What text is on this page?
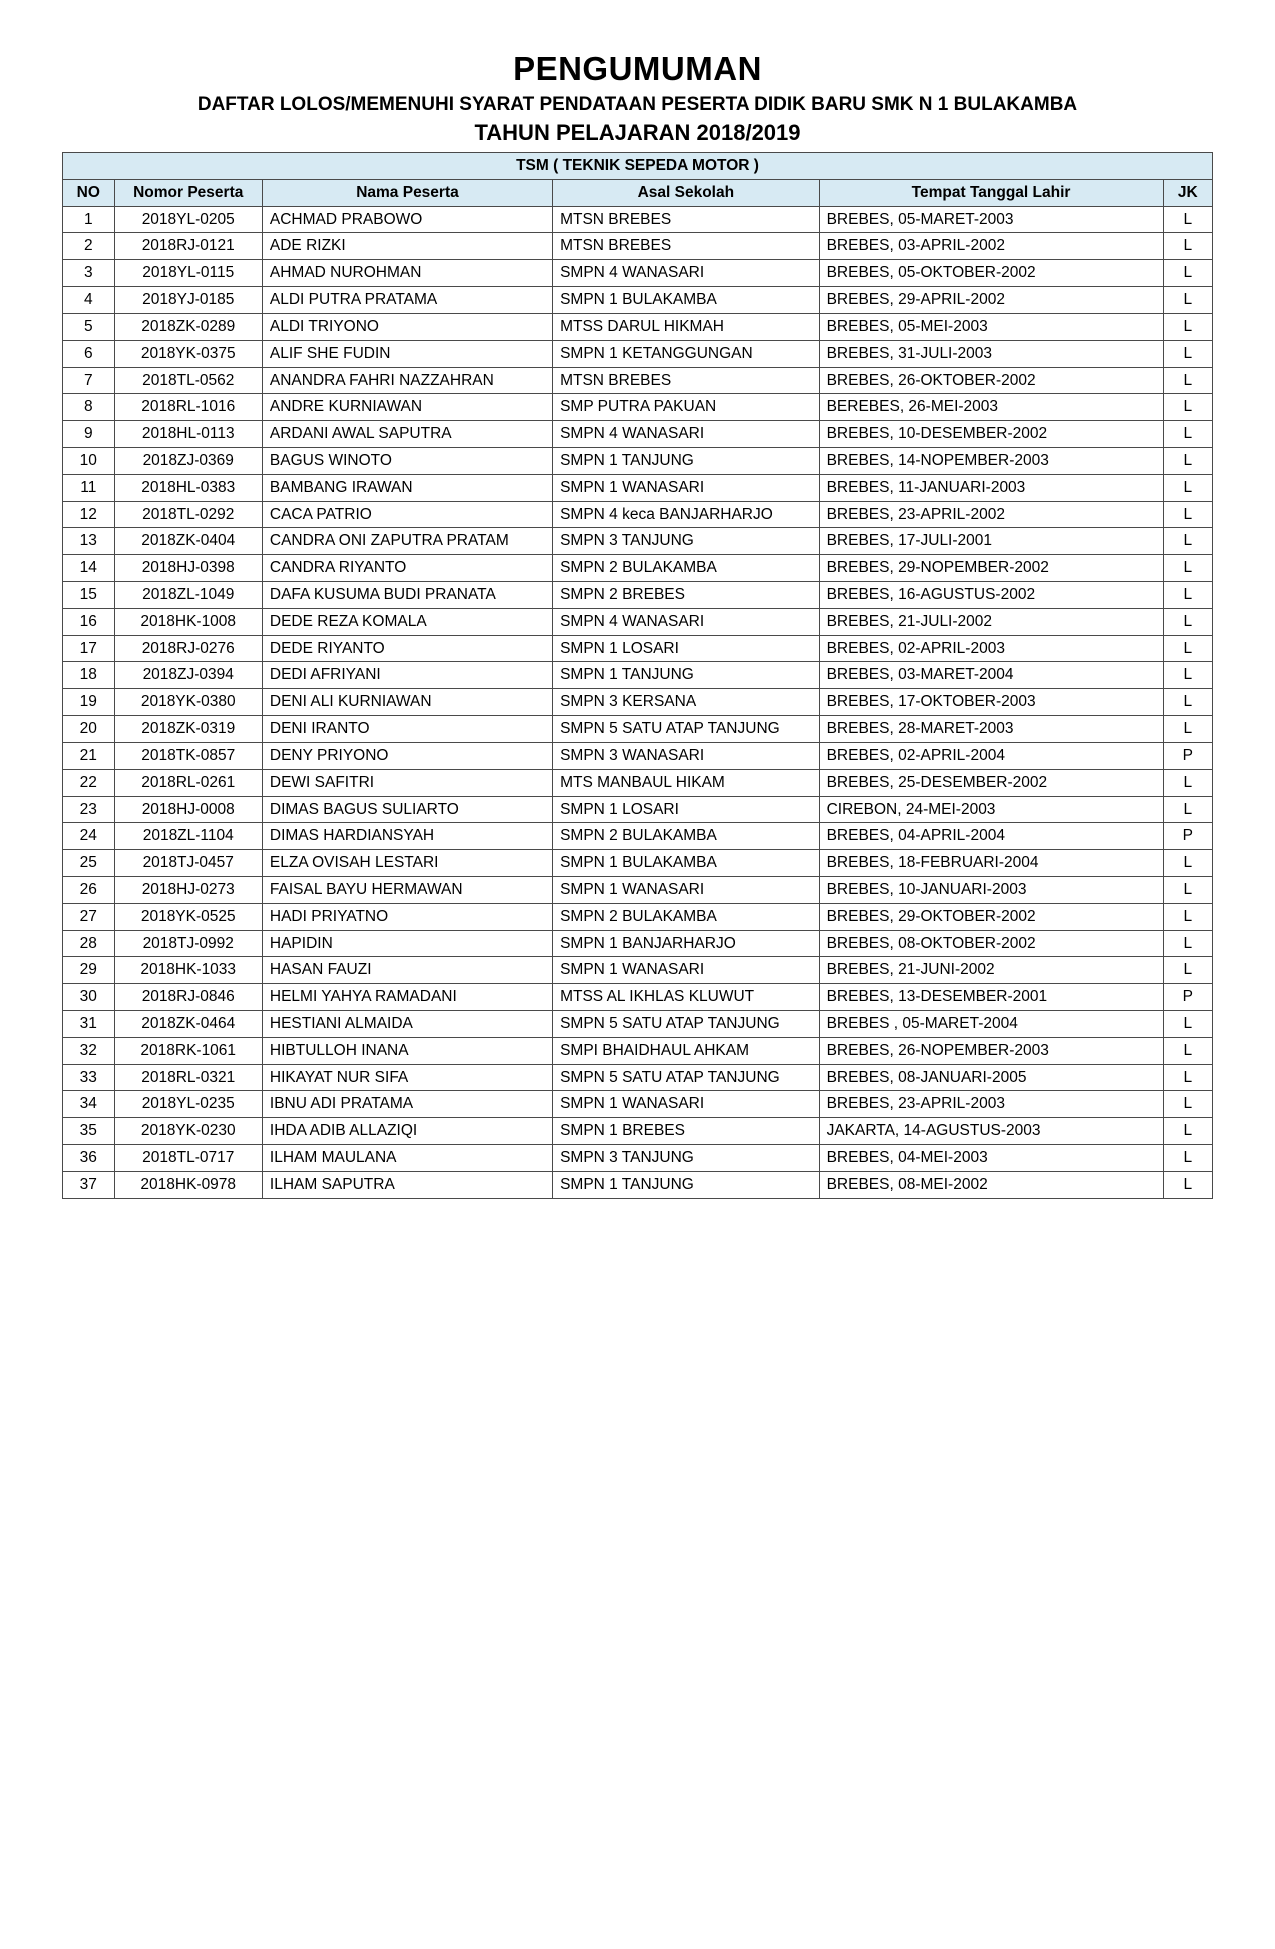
PENGUMUMAN
DAFTAR LOLOS/MEMENUHI SYARAT PENDATAAN PESERTA DIDIK BARU SMK N 1 BULAKAMBA
TAHUN PELAJARAN 2018/2019
TSM ( TEKNIK SEPEDA MOTOR )					
NO	Nomor Peserta	Nama Peserta	Asal Sekolah	Tempat Tanggal Lahir	JK
1	2018YL-0205	ACHMAD PRABOWO	MTSN BREBES	BREBES, 05-MARET-2003	L
2	2018RJ-0121	ADE RIZKI	MTSN BREBES	BREBES, 03-APRIL-2002	L
3	2018YL-0115	AHMAD NUROHMAN	SMPN 4 WANASARI	BREBES, 05-OKTOBER-2002	L
4	2018YJ-0185	ALDI PUTRA PRATAMA	SMPN 1 BULAKAMBA	BREBES, 29-APRIL-2002	L
5	2018ZK-0289	ALDI TRIYONO	MTSS DARUL HIKMAH	BREBES, 05-MEI-2003	L
6	2018YK-0375	ALIF SHE FUDIN	SMPN 1 KETANGGUNGAN	BREBES, 31-JULI-2003	L
7	2018TL-0562	ANANDRA FAHRI NAZZAHRAN	MTSN BREBES	BREBES, 26-OKTOBER-2002	L
8	2018RL-1016	ANDRE KURNIAWAN	SMP PUTRA PAKUAN	BEREBES, 26-MEI-2003	L
9	2018HL-0113	ARDANI AWAL SAPUTRA	SMPN 4 WANASARI	BREBES, 10-DESEMBER-2002	L
10	2018ZJ-0369	BAGUS WINOTO	SMPN 1 TANJUNG	BREBES, 14-NOPEMBER-2003	L
11	2018HL-0383	BAMBANG IRAWAN	SMPN 1 WANASARI	BREBES, 11-JANUARI-2003	L
12	2018TL-0292	CACA PATRIO	SMPN 4 keca BANJARHARJO	BREBES, 23-APRIL-2002	L
13	2018ZK-0404	CANDRA ONI ZAPUTRA PRATAM	SMPN 3 TANJUNG	BREBES, 17-JULI-2001	L
14	2018HJ-0398	CANDRA RIYANTO	SMPN 2 BULAKAMBA	BREBES, 29-NOPEMBER-2002	L
15	2018ZL-1049	DAFA KUSUMA BUDI PRANATA	SMPN 2 BREBES	BREBES, 16-AGUSTUS-2002	L
16	2018HK-1008	DEDE REZA KOMALA	SMPN 4 WANASARI	BREBES, 21-JULI-2002	L
17	2018RJ-0276	DEDE RIYANTO	SMPN 1 LOSARI	BREBES, 02-APRIL-2003	L
18	2018ZJ-0394	DEDI AFRIYANI	SMPN 1 TANJUNG	BREBES, 03-MARET-2004	L
19	2018YK-0380	DENI ALI KURNIAWAN	SMPN 3 KERSANA	BREBES, 17-OKTOBER-2003	L
20	2018ZK-0319	DENI IRANTO	SMPN 5 SATU ATAP TANJUNG	BREBES, 28-MARET-2003	L
21	2018TK-0857	DENY PRIYONO	SMPN 3 WANASARI	BREBES, 02-APRIL-2004	P
22	2018RL-0261	DEWI SAFITRI	MTS MANBAUL HIKAM	BREBES, 25-DESEMBER-2002	L
23	2018HJ-0008	DIMAS BAGUS SULIARTO	SMPN 1 LOSARI	CIREBON, 24-MEI-2003	L
24	2018ZL-1104	DIMAS HARDIANSYAH	SMPN 2 BULAKAMBA	BREBES, 04-APRIL-2004	P
25	2018TJ-0457	ELZA OVISAH LESTARI	SMPN 1 BULAKAMBA	BREBES, 18-FEBRUARI-2004	L
26	2018HJ-0273	FAISAL BAYU HERMAWAN	SMPN 1 WANASARI	BREBES, 10-JANUARI-2003	L
27	2018YK-0525	HADI PRIYATNO	SMPN 2 BULAKAMBA	BREBES, 29-OKTOBER-2002	L
28	2018TJ-0992	HAPIDIN	SMPN 1 BANJARHARJO	BREBES, 08-OKTOBER-2002	L
29	2018HK-1033	HASAN FAUZI	SMPN 1 WANASARI	BREBES, 21-JUNI-2002	L
30	2018RJ-0846	HELMI YAHYA RAMADANI	MTSS AL IKHLAS KLUWUT	BREBES, 13-DESEMBER-2001	P
31	2018ZK-0464	HESTIANI ALMAIDA	SMPN 5 SATU ATAP TANJUNG	BREBES , 05-MARET-2004	L
32	2018RK-1061	HIBTULLOH INANA	SMPI BHAIDHAUL AHKAM	BREBES, 26-NOPEMBER-2003	L
33	2018RL-0321	HIKAYAT NUR SIFA	SMPN 5 SATU ATAP TANJUNG	BREBES, 08-JANUARI-2005	L
34	2018YL-0235	IBNU ADI PRATAMA	SMPN 1 WANASARI	BREBES, 23-APRIL-2003	L
35	2018YK-0230	IHDA ADIB ALLAZIQI	SMPN 1 BREBES	JAKARTA, 14-AGUSTUS-2003	L
36	2018TL-0717	ILHAM MAULANA	SMPN 3 TANJUNG	BREBES, 04-MEI-2003	L
37	2018HK-0978	ILHAM SAPUTRA	SMPN 1 TANJUNG	BREBES, 08-MEI-2002	L
